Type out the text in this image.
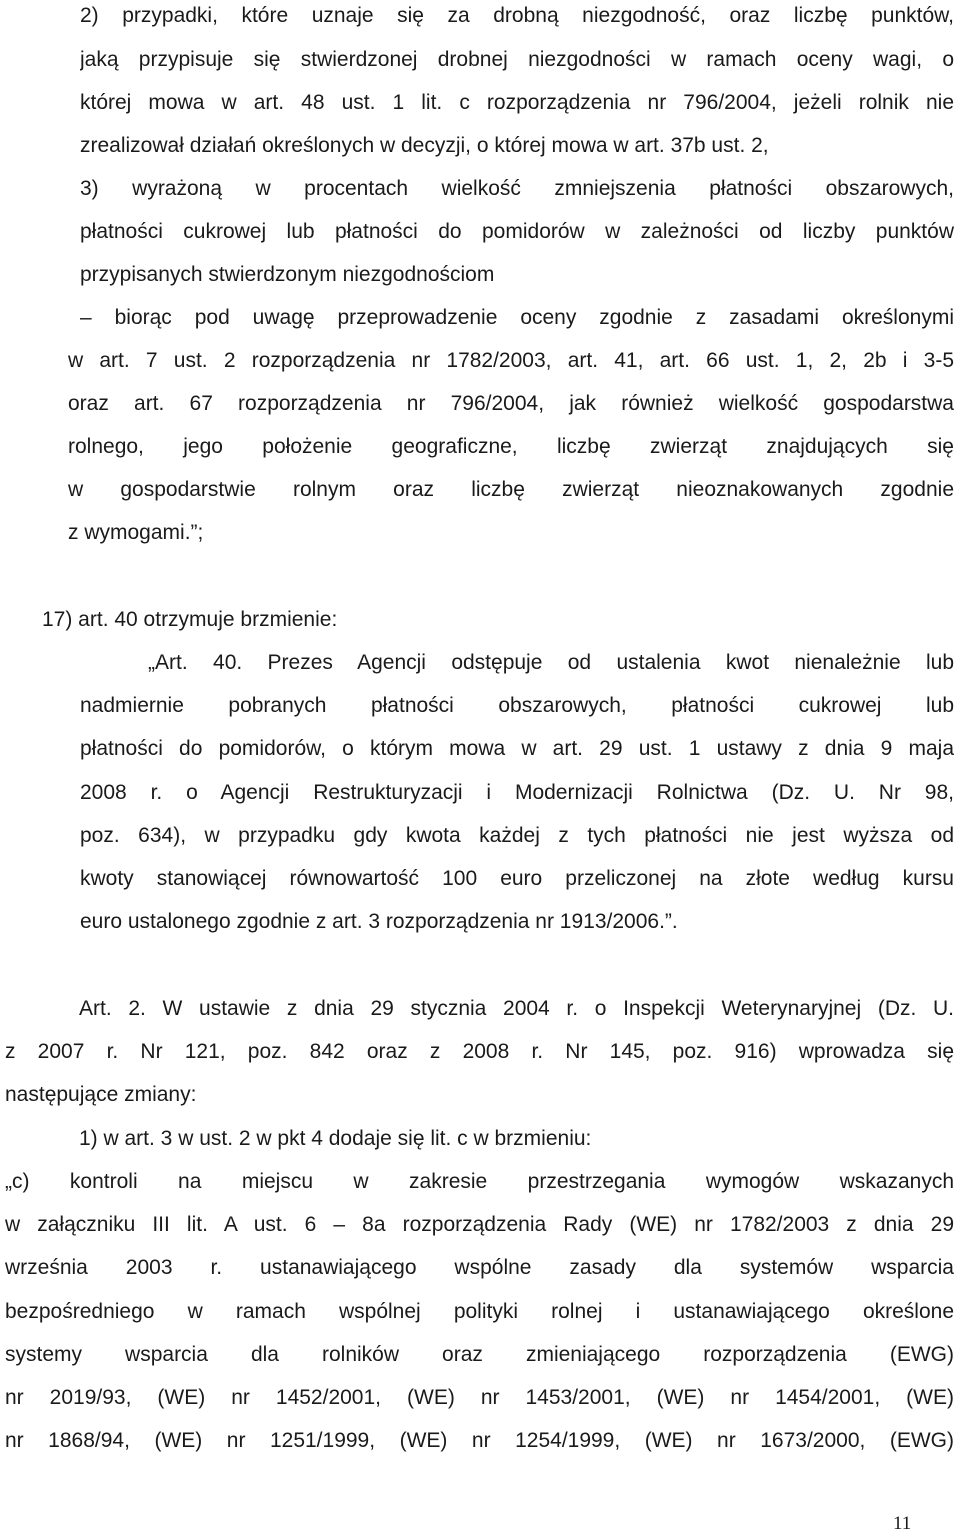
2) przypadki, które uznaje się za drobną niezgodność, oraz liczbę punktów,

jaką przypisuje się stwierdzonej drobnej niezgodności w ramach oceny wagi, o

której mowa w art. 48 ust. 1 lit. c rozporządzenia nr 796/2004, jeżeli rolnik nie

zrealizował działań określonych w decyzji, o której mowa w art. 37b ust. 2,

3) wyrażoną w procentach wielkość zmniejszenia płatności obszarowych,

płatności cukrowej lub płatności do pomidorów w zależności od liczby punktów

przypisanych stwierdzonym niezgodnościom

– biorąc pod uwagę przeprowadzenie oceny zgodnie z zasadami określonymi

w art. 7 ust. 2 rozporządzenia nr 1782/2003, art. 41, art. 66 ust. 1, 2, 2b i 3-5

oraz art. 67 rozporządzenia nr 796/2004, jak również wielkość gospodarstwa

rolnego, jego położenie geograficzne, liczbę zwierząt znajdujących się

w gospodarstwie rolnym oraz liczbę zwierząt nieoznakowanych zgodnie

z wymogami.”;

17) art. 40 otrzymuje brzmienie:

„Art. 40. Prezes Agencji odstępuje od ustalenia kwot nienależnie lub

nadmiernie pobranych płatności obszarowych, płatności cukrowej lub

płatności do pomidorów, o którym mowa w art. 29 ust. 1 ustawy z dnia 9 maja

2008 r. o Agencji Restrukturyzacji i Modernizacji Rolnictwa (Dz. U. Nr 98,

poz. 634), w przypadku gdy kwota każdej z tych płatności nie jest wyższa od

kwoty stanowiącej równowartość 100 euro przeliczonej na złote według kursu

euro ustalonego zgodnie z art. 3 rozporządzenia nr 1913/2006.”.

Art. 2. W ustawie z dnia 29 stycznia 2004 r. o Inspekcji Weterynaryjnej (Dz. U.

z 2007 r. Nr 121, poz. 842 oraz z 2008 r. Nr 145, poz. 916) wprowadza się

następujące zmiany:

1) w art. 3 w ust. 2 w pkt 4 dodaje się lit. c w brzmieniu:

„c) kontroli na miejscu w zakresie przestrzegania wymogów wskazanych

w załączniku III lit. A ust. 6 – 8a rozporządzenia Rady (WE) nr 1782/2003 z dnia 29

września 2003 r. ustanawiającego wspólne zasady dla systemów wsparcia

bezpośredniego w ramach wspólnej polityki rolnej i ustanawiającego określone

systemy wsparcia dla rolników oraz zmieniającego rozporządzenia (EWG)

nr 2019/93, (WE) nr 1452/2001, (WE) nr 1453/2001, (WE) nr 1454/2001, (WE)

nr 1868/94, (WE) nr 1251/1999, (WE) nr 1254/1999, (WE) nr 1673/2000, (EWG)

11
